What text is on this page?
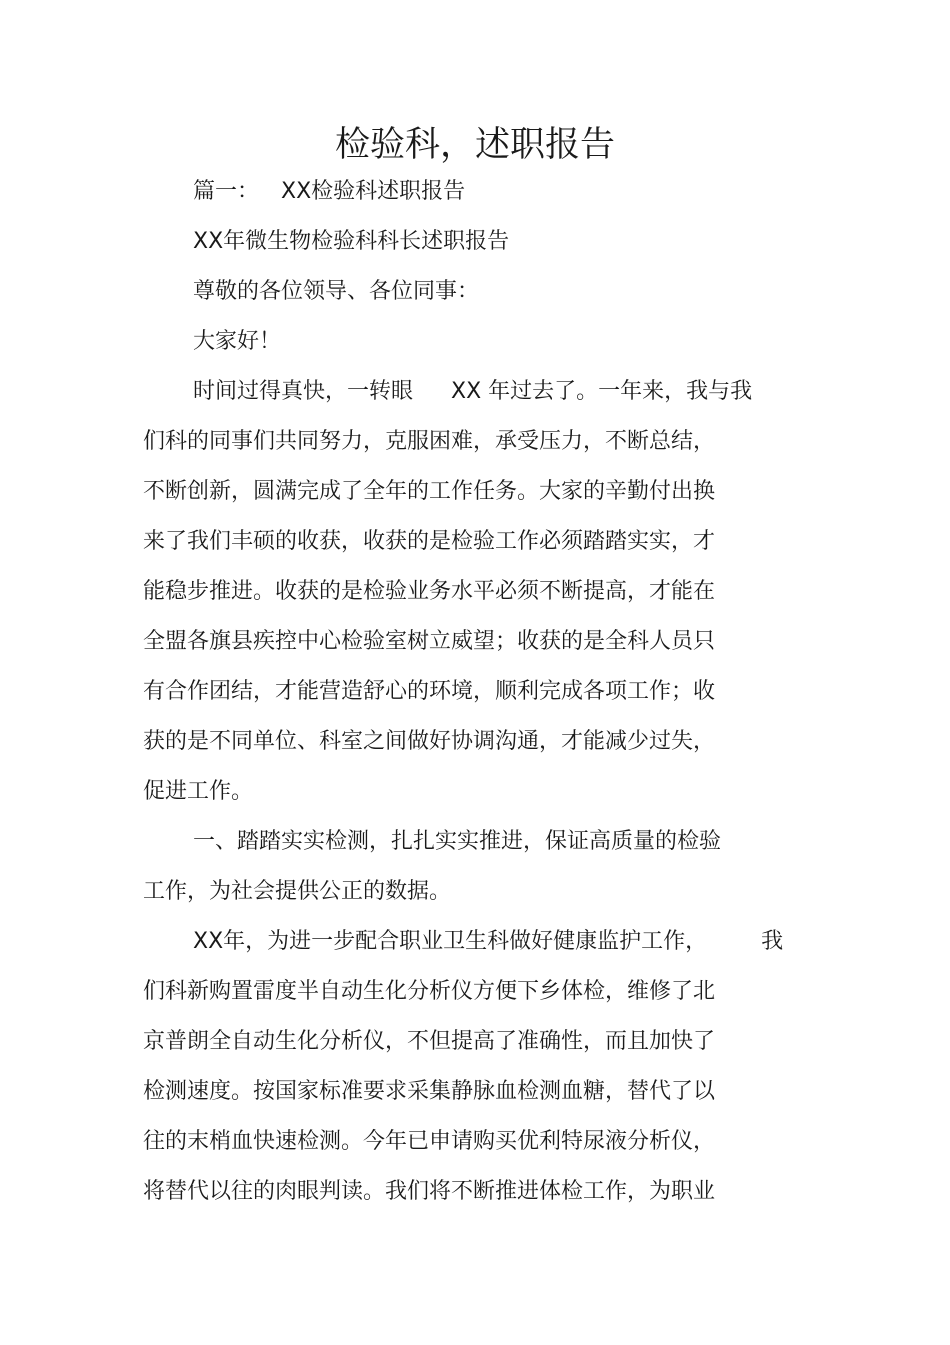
检验科，述职报告
篇一： XX检验科述职报告
XX年微生物检验科科长述职报告
尊敬的各位领导、各位同事：
大家好！
时间过得真快，一转眼 XX 年过去了。一年来，我与我
们科的同事们共同努力，克服困难，承受压力，不断总结，
不断创新，圆满完成了全年的工作任务。大家的辛勤付出换
来了我们丰硕的收获，收获的是检验工作必须踏踏实实，才
能稳步推进。收获的是检验业务水平必须不断提高，才能在
全盟各旗县疾控中心检验室树立威望；收获的是全科人员只
有合作团结，才能营造舒心的环境，顺利完成各项工作；收
获的是不同单位、科室之间做好协调沟通，才能减少过失，
促进工作。
一、踏踏实实检测，扎扎实实推进，保证高质量的检验
工作，为社会提供公正的数据。
XX年，为进一步配合职业卫生科做好健康监护工作， 我
们科新购置雷度半自动生化分析仪方便下乡体检，维修了北
京普朗全自动生化分析仪，不但提高了准确性，而且加快了
检测速度。按国家标准要求采集静脉血检测血糖，替代了以
往的末梢血快速检测。今年已申请购买优利特尿液分析仪，
将替代以往的肉眼判读。我们将不断推进体检工作，为职业
